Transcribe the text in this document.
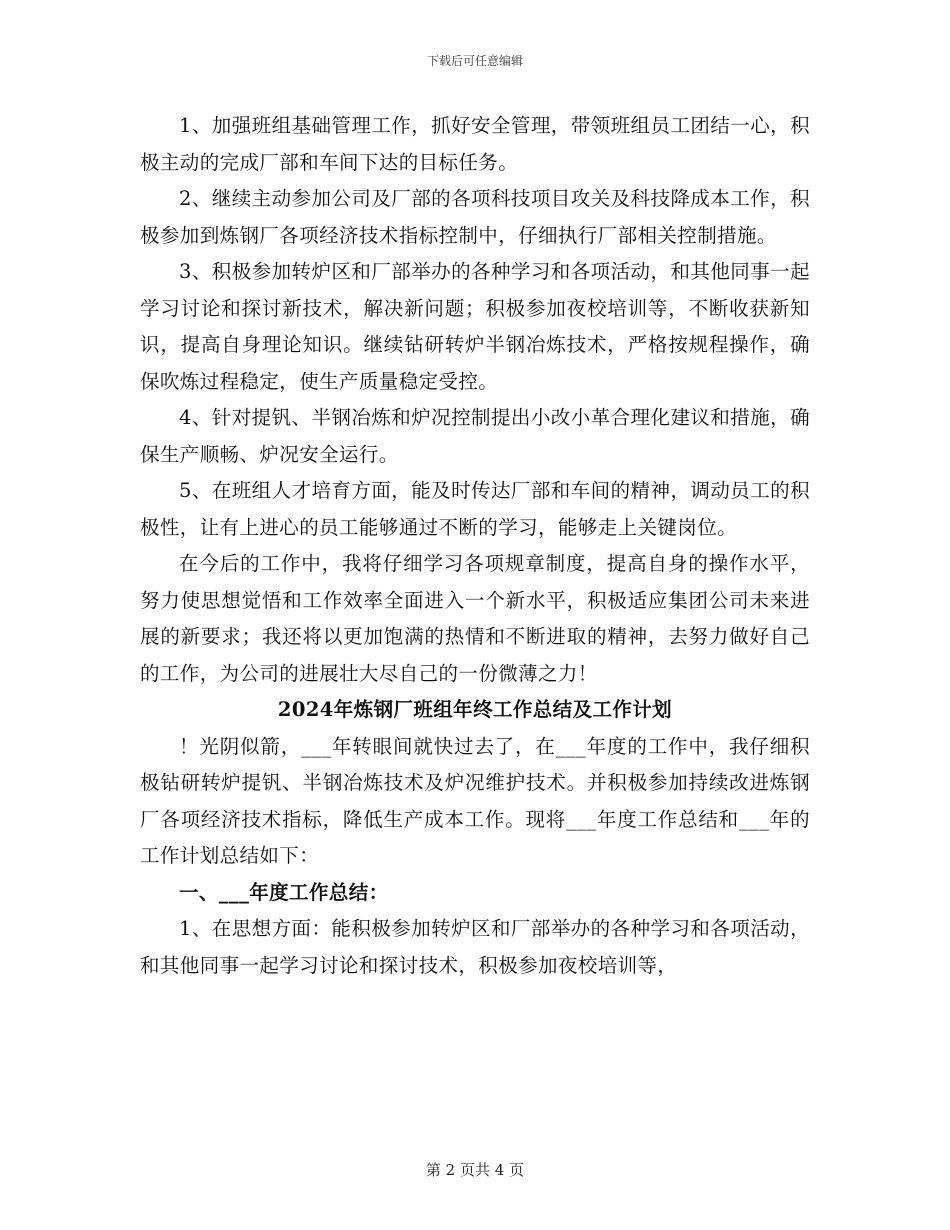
下载后可任意编辑

1、加强班组基础管理工作，抓好安全管理，带领班组员工团结一心，积极主动的完成厂部和车间下达的目标任务。

2、继续主动参加公司及厂部的各项科技项目攻关及科技降成本工作，积极参加到炼钢厂各项经济技术指标控制中，仔细执行厂部相关控制措施。

3、积极参加转炉区和厂部举办的各种学习和各项活动，和其他同事一起学习讨论和探讨新技术，解决新问题；积极参加夜校培训等，不断收获新知识，提高自身理论知识。继续钻研转炉半钢冶炼技术，严格按规程操作，确保吹炼过程稳定，使生产质量稳定受控。

4、针对提钒、半钢冶炼和炉况控制提出小改小革合理化建议和措施，确保生产顺畅、炉况安全运行。

5、在班组人才培育方面，能及时传达厂部和车间的精神，调动员工的积极性，让有上进心的员工能够通过不断的学习，能够走上关键岗位。

在今后的工作中，我将仔细学习各项规章制度，提高自身的操作水平，努力使思想觉悟和工作效率全面进入一个新水平，积极适应集团公司未来进展的新要求；我还将以更加饱满的热情和不断进取的精神，去努力做好自己的工作，为公司的进展壮大尽自己的一份微薄之力！

2024年炼钢厂班组年终工作总结及工作计划

！光阴似箭，___年转眼间就快过去了，在___年度的工作中，我仔细积极钻研转炉提钒、半钢冶炼技术及炉况维护技术。并积极参加持续改进炼钢厂各项经济技术指标，降低生产成本工作。现将___年度工作总结和___年的工作计划总结如下：

一、___年度工作总结：

1、在思想方面：能积极参加转炉区和厂部举办的各种学习和各项活动，和其他同事一起学习讨论和探讨技术，积极参加夜校培训等，

第 2 页共 4 页
